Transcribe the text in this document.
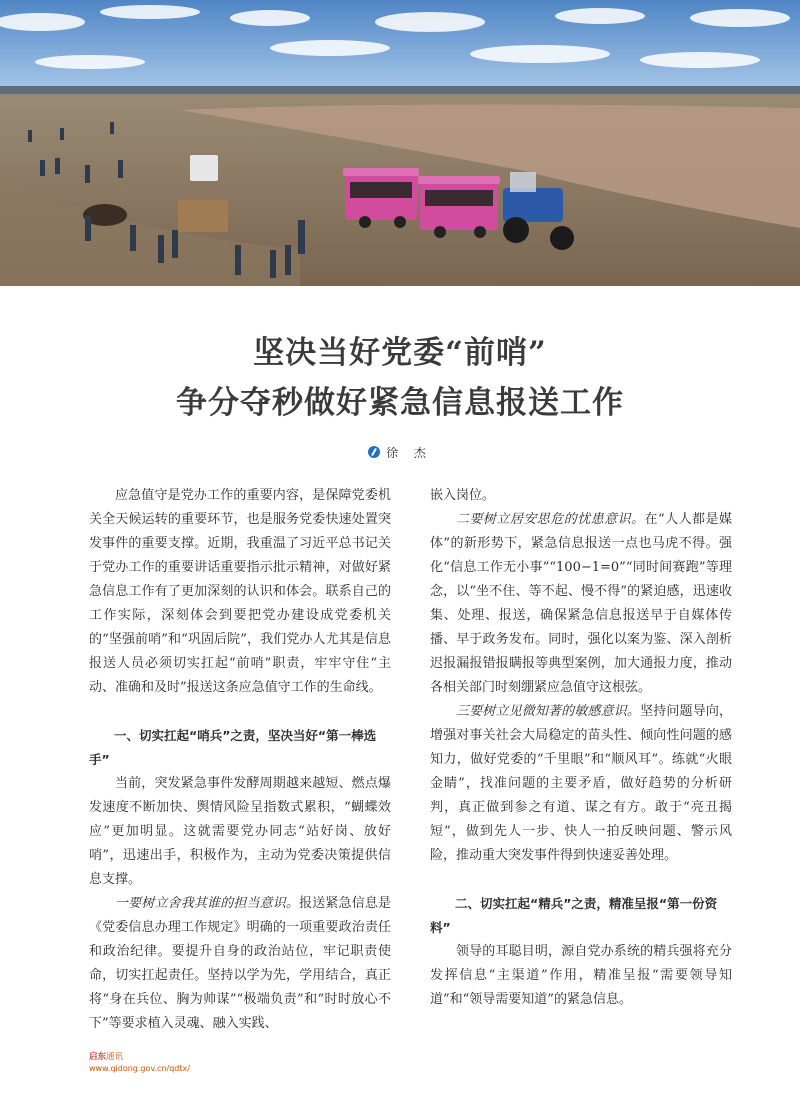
坚决当好党委“前哨”
争分夺秒做好紧急信息报送工作
徐 杰

应急值守是党办工作的重要内容，是保障党委机关全天候运转的重要环节，也是服务党委快速处置突发事件的重要支撑。近期，我重温了习近平总书记关于党办工作的重要讲话重要指示批示精神，对做好紧急信息工作有了更加深刻的认识和体会。联系自己的工作实际，深刻体会到要把党办建设成党委机关的“坚强前哨”和“巩固后院”，我们党办人尤其是信息报送人员必须切实扛起“前哨”职责，牢牢守住“主动、准确和及时”报送这条应急值守工作的生命线。

一、切实扛起“哨兵”之责，坚决当好“第一棒选手”

当前，突发紧急事件发酵周期越来越短、燃点爆发速度不断加快、舆情风险呈指数式累积，“蝴蝶效应”更加明显。这就需要党办同志“站好岗、放好哨”，迅速出手，积极作为，主动为党委决策提供信息支撑。

一要树立舍我其谁的担当意识。报送紧急信息是《党委信息办理工作规定》明确的一项重要政治责任和政治纪律。要提升自身的政治站位，牢记职责使命，切实扛起责任。坚持以学为先，学用结合，真正将“身在兵位、胸为帅谋”“极端负责”和“时时放心不下”等要求植入灵魂、融入实践、

嵌入岗位。

二要树立居安思危的忧患意识。在“人人都是媒体”的新形势下，紧急信息报送一点也马虎不得。强化“信息工作无小事”“100−1=0”“同时间赛跑”等理念，以“坐不住、等不起、慢不得”的紧迫感，迅速收集、处理、报送，确保紧急信息报送早于自媒体传播、早于政务发布。同时，强化以案为鉴、深入剖析迟报漏报错报瞒报等典型案例，加大通报力度，推动各相关部门时刻绷紧应急值守这根弦。

三要树立见微知著的敏感意识。坚持问题导向，增强对事关社会大局稳定的苗头性、倾向性问题的感知力，做好党委的“千里眼”和“顺风耳”。练就“火眼金睛”，找准问题的主要矛盾，做好趋势的分析研判，真正做到参之有道、谋之有方。敢于“亮丑揭短”，做到先人一步、快人一拍反映问题、警示风险，推动重大突发事件得到快速妥善处理。

二、切实扛起“精兵”之责，精准呈报“第一份资料”

领导的耳聪目明，源自党办系统的精兵强将充分发挥信息“主渠道”作用，精准呈报“需要领导知道”和“领导需要知道”的紧急信息。

启东通讯
www.qidong.gov.cn/qdtx/
